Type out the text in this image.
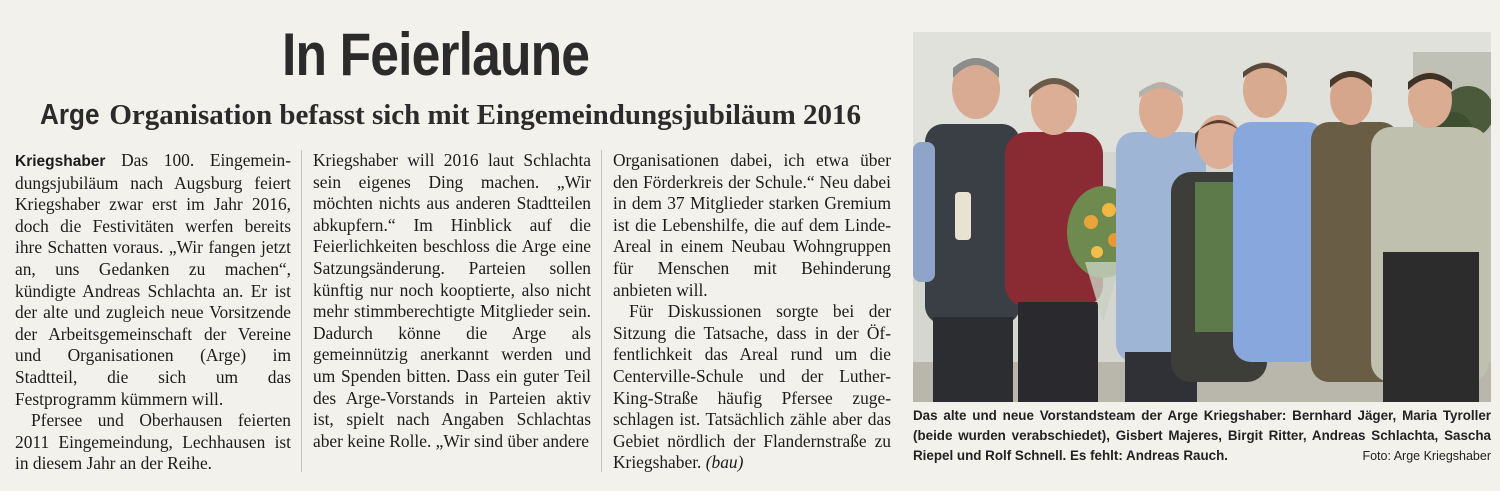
In Feierlaune
Arge Organisation befasst sich mit Eingemeindungsjubiläum 2016

Kriegshaber Das 100. Eingemeindungsjubiläum nach Augsburg feiert Kriegshaber zwar erst im Jahr 2016, doch die Festivitäten werfen bereits ihre Schatten voraus. „Wir fangen jetzt an, uns Gedanken zu machen“, kündigte Andreas Schlachta an. Er ist der alte und zugleich neue Vorsitzende der Arbeitsgemeinschaft der Vereine und Organisationen (Arge) im Stadtteil, die sich um das Festprogramm kümmern will.

Pfersee und Oberhausen feierten 2011 Eingemeindung, Lechhausen ist in diesem Jahr an der Reihe.

Kriegshaber will 2016 laut Schlachta sein eigenes Ding machen. „Wir möchten nichts aus anderen Stadtteilen abkupfern.“ Im Hinblick auf die Feierlichkeiten beschloss die Arge eine Satzungsänderung. Parteien sollen künftig nur noch kooptierte, also nicht mehr stimmberechtigte Mitglieder sein. Dadurch könne die Arge als gemeinnützig anerkannt werden und um Spenden bitten. Dass ein guter Teil des Arge-Vorstands in Parteien aktiv ist, spielt nach Angaben Schlachtas aber keine Rolle. „Wir sind über andere

Organisationen dabei, ich etwa über den Förderkreis der Schule.“ Neu dabei in dem 37 Mitglieder starken Gremium ist die Lebenshilfe, die auf dem Linde-Areal in einem Neubau Wohngruppen für Menschen mit Behinderung anbieten will.

Für Diskussionen sorgte bei der Sitzung die Tatsache, dass in der Öffentlichkeit das Areal rund um die Centerville-Schule und der Luther-King-Straße häufig Pfersee zugeschlagen ist. Tatsächlich zähle aber das Gebiet nördlich der Flandernstraße zu Kriegshaber. (bau)

Das alte und neue Vorstandsteam der Arge Kriegshaber: Bernhard Jäger, Maria Tyroller (beide wurden verabschiedet), Gisbert Majeres, Birgit Ritter, Andreas Schlachta, Sascha Riepel und Rolf Schnell. Es fehlt: Andreas Rauch.	Foto: Arge Kriegshaber
